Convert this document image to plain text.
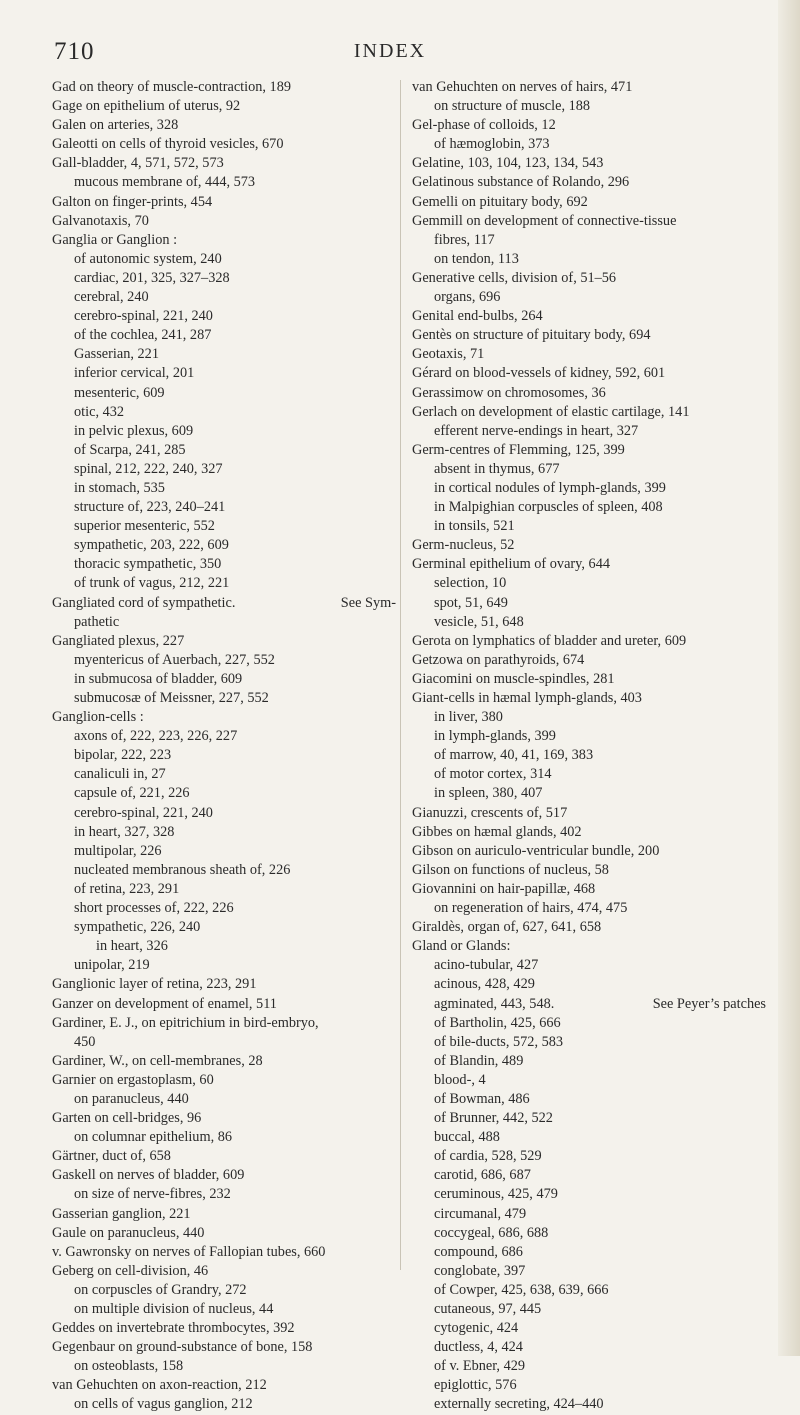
710	INDEX
Gad on theory of muscle-contraction, 189
Gage on epithelium of uterus, 92
Galen on arteries, 328
Galeotti on cells of thyroid vesicles, 670
Gall-bladder, 4, 571, 572, 573
mucous membrane of, 444, 573
Galton on finger-prints, 454
Galvanotaxis, 70
Ganglia or Ganglion :
of autonomic system, 240
cardiac, 201, 325, 327–328
cerebral, 240
cerebro-spinal, 221, 240
of the cochlea, 241, 287
Gasserian, 221
inferior cervical, 201
mesenteric, 609
otic, 432
in pelvic plexus, 609
of Scarpa, 241, 285
spinal, 212, 222, 240, 327
in stomach, 535
structure of, 223, 240–241
superior mesenteric, 552
sympathetic, 203, 222, 609
thoracic sympathetic, 350
of trunk of vagus, 212, 221
Gangliated cord of sympathetic.	See Sym-
pathetic
Gangliated plexus, 227
myentericus of Auerbach, 227, 552
in submucosa of bladder, 609
submucosæ of Meissner, 227, 552
Ganglion-cells :
axons of, 222, 223, 226, 227
bipolar, 222, 223
canaliculi in, 27
capsule of, 221, 226
cerebro-spinal, 221, 240
in heart, 327, 328
multipolar, 226
nucleated membranous sheath of, 226
of retina, 223, 291
short processes of, 222, 226
sympathetic, 226, 240
in heart, 326
unipolar, 219
Ganglionic layer of retina, 223, 291
Ganzer on development of enamel, 511
Gardiner, E. J., on epitrichium in bird-embryo,
450
Gardiner, W., on cell-membranes, 28
Garnier on ergastoplasm, 60
on paranucleus, 440
Garten on cell-bridges, 96
on columnar epithelium, 86
Gärtner, duct of, 658
Gaskell on nerves of bladder, 609
on size of nerve-fibres, 232
Gasserian ganglion, 221
Gaule on paranucleus, 440
v. Gawronsky on nerves of Fallopian tubes, 660
Geberg on cell-division, 46
on corpuscles of Grandry, 272
on multiple division of nucleus, 44
Geddes on invertebrate thrombocytes, 392
Gegenbaur on ground-substance of bone, 158
on osteoblasts, 158
van Gehuchten on axon-reaction, 212
on cells of vagus ganglion, 212
van Gehuchten on nerves of hairs, 471
on structure of muscle, 188
Gel-phase of colloids, 12
of hæmoglobin, 373
Gelatine, 103, 104, 123, 134, 543
Gelatinous substance of Rolando, 296
Gemelli on pituitary body, 692
Gemmill on development of connective-tissue
fibres, 117
on tendon, 113
Generative cells, division of, 51–56
organs, 696
Genital end-bulbs, 264
Gentès on structure of pituitary body, 694
Geotaxis, 71
Gérard on blood-vessels of kidney, 592, 601
Gerassimow on chromosomes, 36
Gerlach on development of elastic cartilage, 141
efferent nerve-endings in heart, 327
Germ-centres of Flemming, 125, 399
absent in thymus, 677
in cortical nodules of lymph-glands, 399
in Malpighian corpuscles of spleen, 408
in tonsils, 521
Germ-nucleus, 52
Germinal epithelium of ovary, 644
selection, 10
spot, 51, 649
vesicle, 51, 648
Gerota on lymphatics of bladder and ureter, 609
Getzowa on parathyroids, 674
Giacomini on muscle-spindles, 281
Giant-cells in hæmal lymph-glands, 403
in liver, 380
in lymph-glands, 399
of marrow, 40, 41, 169, 383
of motor cortex, 314
in spleen, 380, 407
Gianuzzi, crescents of, 517
Gibbes on hæmal glands, 402
Gibson on auriculo-ventricular bundle, 200
Gilson on functions of nucleus, 58
Giovannini on hair-papillæ, 468
on regeneration of hairs, 474, 475
Giraldès, organ of, 627, 641, 658
Gland or Glands:
acino-tubular, 427
acinous, 428, 429
agminated, 443, 548.	See Peyer’s patches
of Bartholin, 425, 666
of bile-ducts, 572, 583
of Blandin, 489
blood-, 4
of Bowman, 486
of Brunner, 442, 522
buccal, 488
of cardia, 528, 529
carotid, 686, 687
ceruminous, 425, 479
circumanal, 479
coccygeal, 686, 688
compound, 686
conglobate, 397
of Cowper, 425, 638, 639, 666
cutaneous, 97, 445
cytogenic, 424
ductless, 4, 424
of v. Ebner, 429
epiglottic, 576
externally secreting, 424–440
